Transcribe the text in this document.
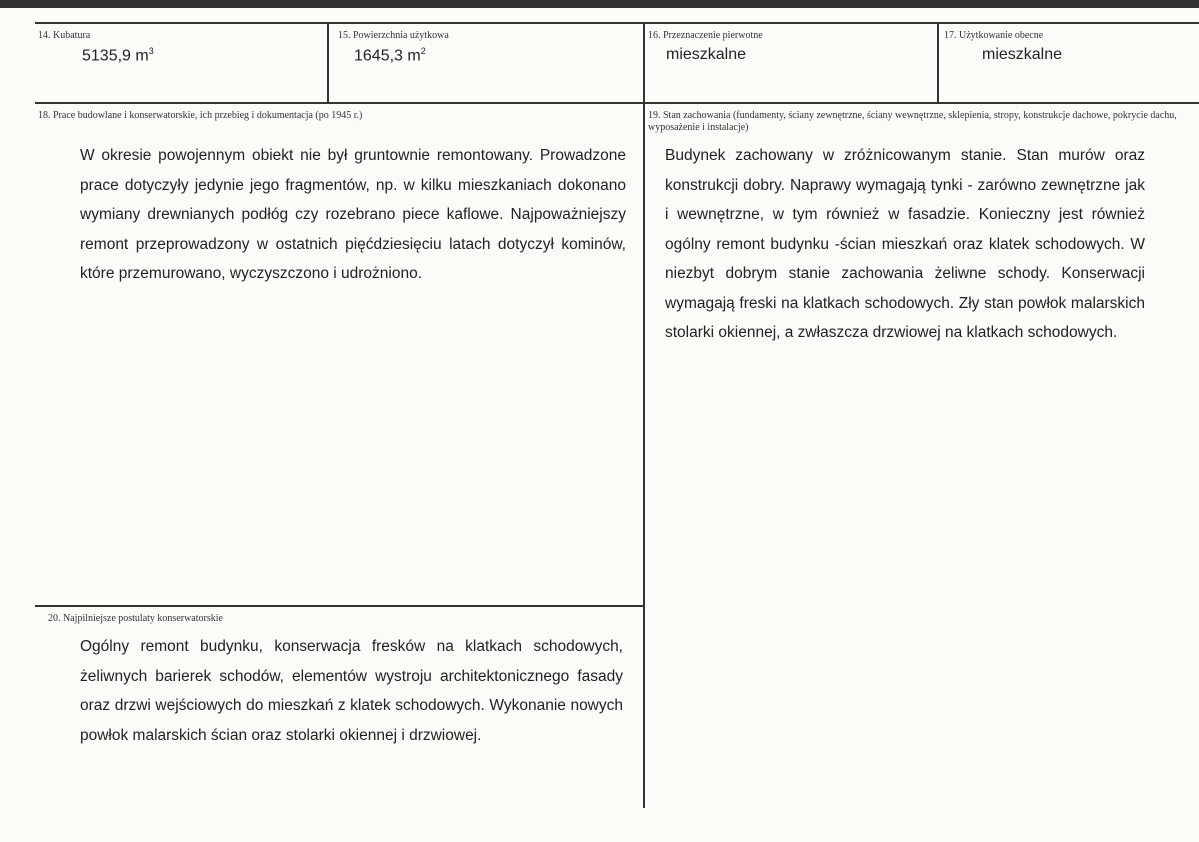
14. Kubatura
5135,9 $m^3$
15. Powierzchnia użytkowa
1645,3 $m^2$
16. Przeznaczenie pierwotne
mieszkalne
17. Użytkowanie obecne
mieszkalne
18. Prace budowlane i konserwatorskie, ich przebieg i dokumentacja (po 1945 r.)
W okresie powojennym obiekt nie był gruntownie remontowany. Prowadzone prace dotyczyły jedynie jego fragmentów, np. w kilku mieszkaniach dokonano wymiany drewnianych podłóg czy rozebrano piece kaflowe. Najpoważniejszy remont przeprowadzony w ostatnich pięćdziesięciu latach dotyczył kominów, które przemurowano, wyczyszczono i udrożniono.
19. Stan zachowania (fundamenty, ściany zewnętrzne, ściany wewnętrzne, sklepienia, stropy, konstrukcje dachowe, pokrycie dachu, wyposażenie i instalacje)
Budynek zachowany w zróżnicowanym stanie. Stan murów oraz konstrukcji dobry. Naprawy wymagają tynki - zarówno zewnętrzne jak i wewnętrzne, w tym również w fasadzie. Konieczny jest również ogólny remont budynku -ścian mieszkań oraz klatek schodowych. W niezbyt dobrym stanie zachowania żeliwne schody. Konserwacji wymagają freski na klatkach schodowych. Zły stan powłok malarskich stolarki okiennej, a zwłaszcza drzwiowej na klatkach schodowych.
20. Najpilniejsze postulaty konserwatorskie
Ogólny remont budynku, konserwacja fresków na klatkach schodowych, żeliwnych barierek schodów, elementów wystroju architektonicznego fasady oraz drzwi wejściowych do mieszkań z klatek schodowych. Wykonanie nowych powłok malarskich ścian oraz stolarki okiennej i drzwiowej.
